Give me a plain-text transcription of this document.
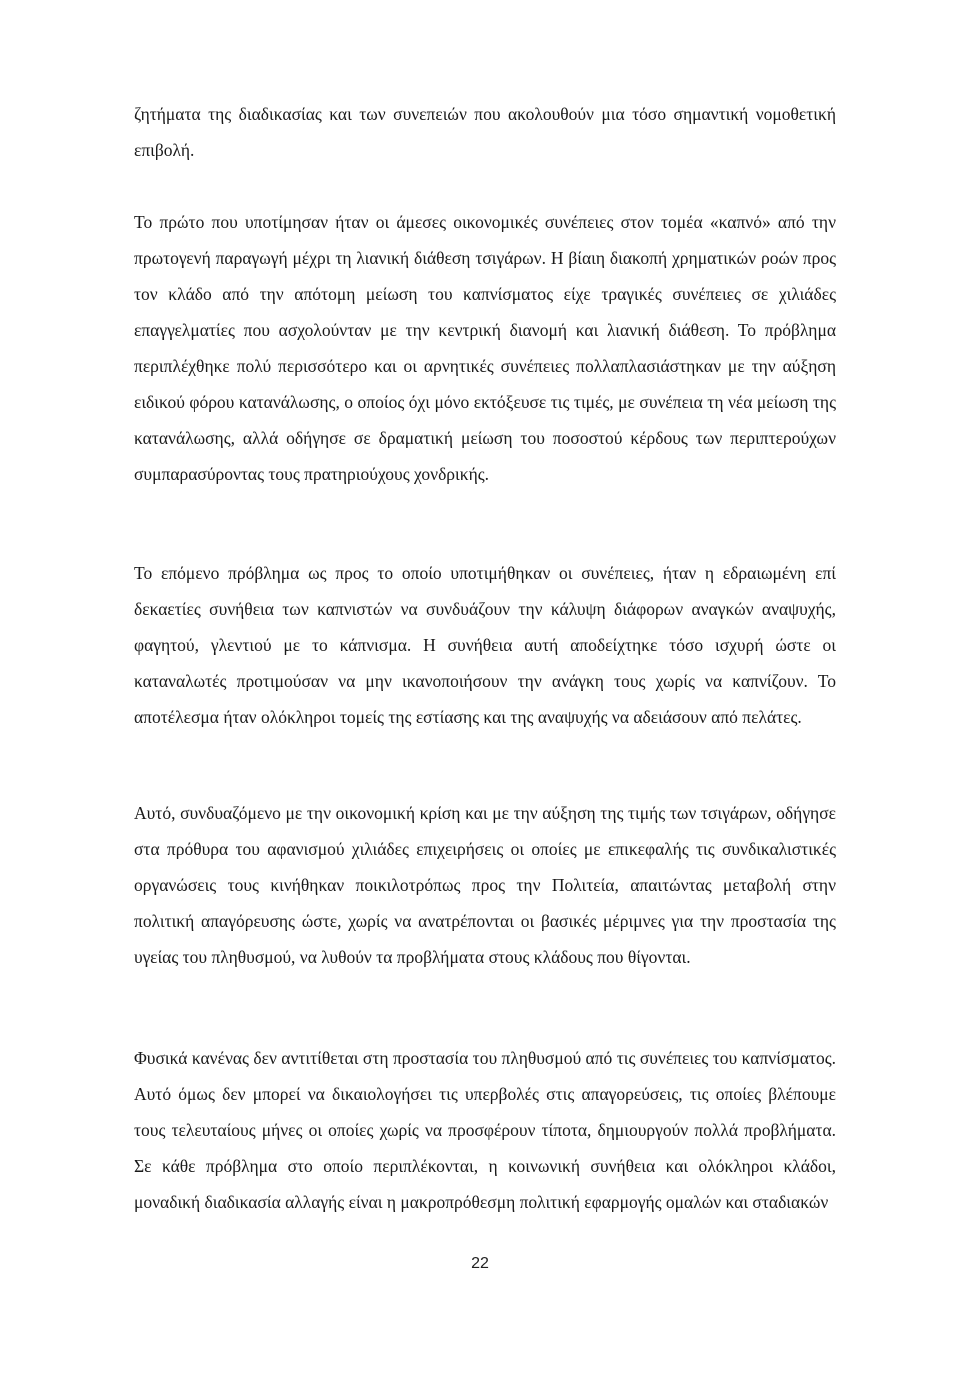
ζητήματα της διαδικασίας και των συνεπειών που ακολουθούν μια τόσο σημαντική νομοθετική επιβολή.

Το πρώτο που υποτίμησαν ήταν οι άμεσες οικονομικές συνέπειες στον τομέα «καπνό» από την πρωτογενή παραγωγή μέχρι τη λιανική διάθεση τσιγάρων. Η βίαιη διακοπή χρηματικών ροών προς τον κλάδο από την απότομη μείωση του καπνίσματος είχε τραγικές συνέπειες σε χιλιάδες επαγγελματίες που ασχολούνταν με την κεντρική διανομή και λιανική διάθεση. Το πρόβλημα περιπλέχθηκε πολύ περισσότερο και οι αρνητικές συνέπειες πολλαπλασιάστηκαν με την αύξηση ειδικού φόρου κατανάλωσης, ο οποίος όχι μόνο εκτόξευσε τις τιμές, με συνέπεια τη νέα μείωση της κατανάλωσης, αλλά οδήγησε σε δραματική μείωση του ποσοστού κέρδους των περιπτερούχων συμπαρασύροντας τους πρατηριούχους χονδρικής.

Το επόμενο πρόβλημα ως προς το οποίο υποτιμήθηκαν οι συνέπειες, ήταν η εδραιωμένη επί δεκαετίες συνήθεια των καπνιστών να συνδυάζουν την κάλυψη διάφορων αναγκών αναψυχής, φαγητού, γλεντιού με το κάπνισμα. Η συνήθεια αυτή αποδείχτηκε τόσο ισχυρή ώστε οι καταναλωτές προτιμούσαν να μην ικανοποιήσουν την ανάγκη τους χωρίς να καπνίζουν. Το αποτέλεσμα ήταν ολόκληροι τομείς της εστίασης και της αναψυχής να αδειάσουν από πελάτες.

Αυτό, συνδυαζόμενο με την οικονομική κρίση και με την αύξηση της τιμής των τσιγάρων, οδήγησε στα πρόθυρα του αφανισμού χιλιάδες επιχειρήσεις οι οποίες με επικεφαλής τις συνδικαλιστικές οργανώσεις τους κινήθηκαν ποικιλοτρόπως προς την Πολιτεία, απαιτώντας μεταβολή στην πολιτική απαγόρευσης ώστε, χωρίς να ανατρέπονται οι βασικές μέριμνες για την προστασία της υγείας του πληθυσμού, να λυθούν τα προβλήματα στους κλάδους που θίγονται.

Φυσικά κανένας δεν αντιτίθεται στη προστασία του πληθυσμού από τις συνέπειες του καπνίσματος. Αυτό όμως δεν μπορεί να δικαιολογήσει τις υπερβολές στις απαγορεύσεις, τις οποίες βλέπουμε τους τελευταίους μήνες οι οποίες χωρίς να προσφέρουν τίποτα, δημιουργούν πολλά προβλήματα. Σε κάθε πρόβλημα στο οποίο περιπλέκονται, η κοινωνική συνήθεια και ολόκληροι κλάδοι, μοναδική διαδικασία αλλαγής είναι η μακροπρόθεσμη πολιτική εφαρμογής ομαλών και σταδιακών

22
